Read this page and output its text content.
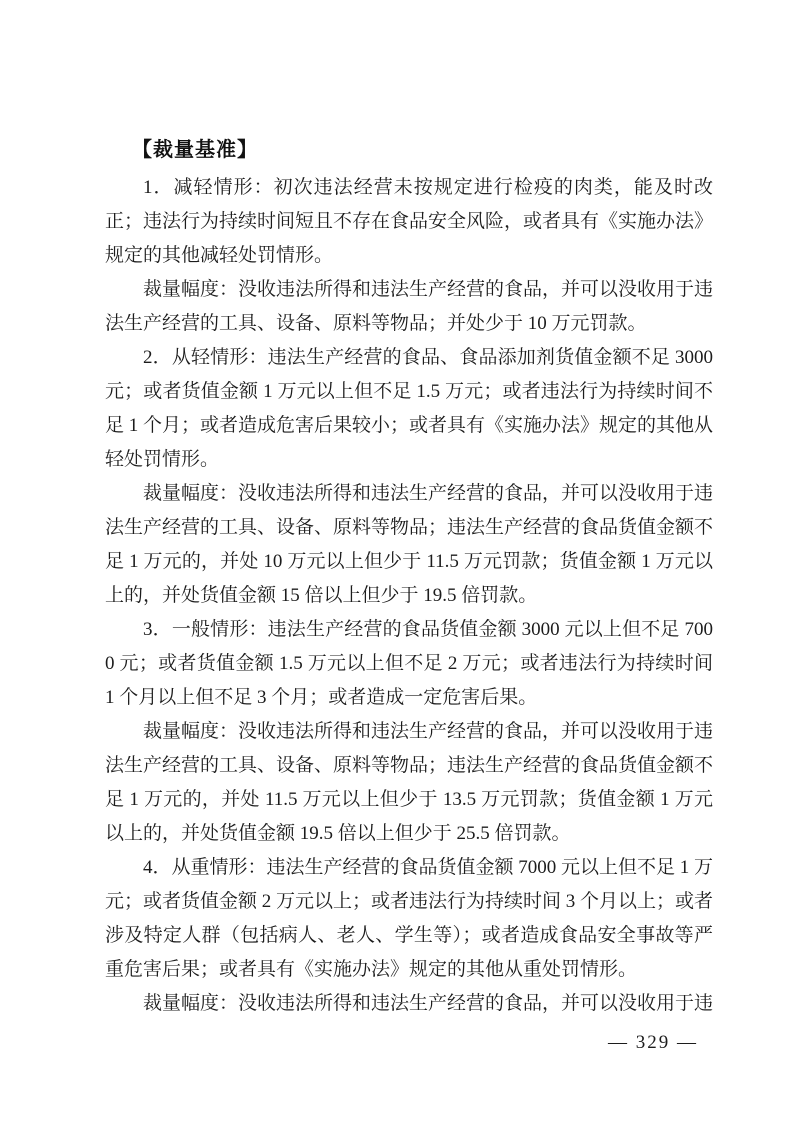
【裁量基准】

1．减轻情形：初次违法经营未按规定进行检疫的肉类，能及时改正；违法行为持续时间短且不存在食品安全风险，或者具有《实施办法》规定的其他减轻处罚情形。

裁量幅度：没收违法所得和违法生产经营的食品，并可以没收用于违法生产经营的工具、设备、原料等物品；并处少于 10 万元罚款。

2．从轻情形：违法生产经营的食品、食品添加剂货值金额不足 3000 元；或者货值金额 1 万元以上但不足 1.5 万元；或者违法行为持续时间不足 1 个月；或者造成危害后果较小；或者具有《实施办法》规定的其他从轻处罚情形。

裁量幅度：没收违法所得和违法生产经营的食品，并可以没收用于违法生产经营的工具、设备、原料等物品；违法生产经营的食品货值金额不足 1 万元的，并处 10 万元以上但少于 11.5 万元罚款；货值金额 1 万元以上的，并处货值金额 15 倍以上但少于 19.5 倍罚款。

3．一般情形：违法生产经营的食品货值金额 3000 元以上但不足 7000 元；或者货值金额 1.5 万元以上但不足 2 万元；或者违法行为持续时间 1 个月以上但不足 3 个月；或者造成一定危害后果。

裁量幅度：没收违法所得和违法生产经营的食品，并可以没收用于违法生产经营的工具、设备、原料等物品；违法生产经营的食品货值金额不足 1 万元的，并处 11.5 万元以上但少于 13.5 万元罚款；货值金额 1 万元以上的，并处货值金额 19.5 倍以上但少于 25.5 倍罚款。

4．从重情形：违法生产经营的食品货值金额 7000 元以上但不足 1 万元；或者货值金额 2 万元以上；或者违法行为持续时间 3 个月以上；或者涉及特定人群（包括病人、老人、学生等）；或者造成食品安全事故等严重危害后果；或者具有《实施办法》规定的其他从重处罚情形。

裁量幅度：没收违法所得和违法生产经营的食品，并可以没收用于违

— 329 —
